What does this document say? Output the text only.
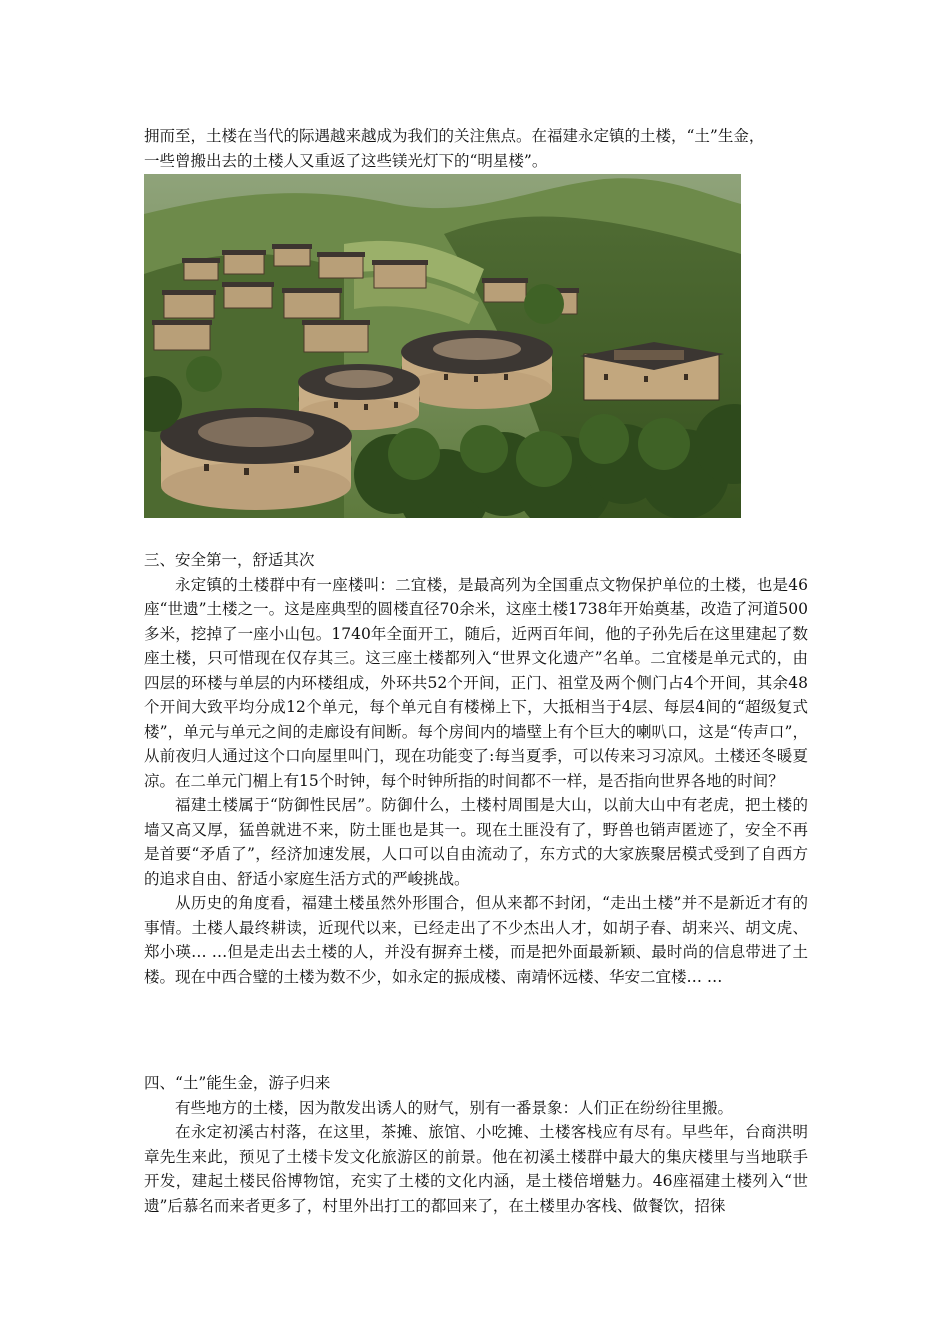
拥而至，土楼在当代的际遇越来越成为我们的关注焦点。在福建永定镇的土楼，“土”生金，

一些曾搬出去的土楼人又重返了这些镁光灯下的“明星楼”。

三、安全第一，舒适其次

永定镇的土楼群中有一座楼叫：二宜楼，是最高列为全国重点文物保护单位的土楼，也是46座“世遗”土楼之一。这是座典型的圆楼直径70余米，这座土楼1738年开始奠基，改造了河道500多米，挖掉了一座小山包。1740年全面开工，随后，近两百年间，他的子孙先后在这里建起了数座土楼，只可惜现在仅存其三。这三座土楼都列入“世界文化遗产”名单。二宜楼是单元式的，由四层的环楼与单层的内环楼组成，外环共52个开间，正门、祖堂及两个侧门占4个开间，其余48个开间大致平均分成12个单元，每个单元自有楼梯上下，大抵相当于4层、每层4间的“超级复式楼”，单元与单元之间的走廊设有间断。每个房间内的墙壁上有个巨大的喇叭口，这是“传声口”，从前夜归人通过这个口向屋里叫门，现在功能变了:每当夏季，可以传来习习凉风。土楼还冬暖夏凉。在二单元门楣上有15个时钟，每个时钟所指的时间都不一样，是否指向世界各地的时间？

福建土楼属于“防御性民居”。防御什么，土楼村周围是大山，以前大山中有老虎，把土楼的墙又高又厚，猛兽就进不来，防土匪也是其一。现在土匪没有了，野兽也销声匿迹了，安全不再是首要“矛盾了”，经济加速发展，人口可以自由流动了，东方式的大家族聚居模式受到了自西方的追求自由、舒适小家庭生活方式的严峻挑战。

从历史的角度看，福建土楼虽然外形围合，但从来都不封闭，“走出土楼”并不是新近才有的事情。土楼人最终耕读，近现代以来，已经走出了不少杰出人才，如胡子春、胡来兴、胡文虎、郑小瑛… …但是走出去土楼的人，并没有摒弃土楼，而是把外面最新颖、最时尚的信息带进了土楼。现在中西合璧的土楼为数不少，如永定的振成楼、南靖怀远楼、华安二宜楼… …

四、“土”能生金，游子归来

有些地方的土楼，因为散发出诱人的财气，别有一番景象：人们正在纷纷往里搬。

在永定初溪古村落，在这里，茶摊、旅馆、小吃摊、土楼客栈应有尽有。早些年，台商洪明章先生来此，预见了土楼卡发文化旅游区的前景。他在初溪土楼群中最大的集庆楼里与当地联手开发，建起土楼民俗博物馆，充实了土楼的文化内涵，是土楼倍增魅力。46座福建土楼列入“世遗”后慕名而来者更多了，村里外出打工的都回来了，在土楼里办客栈、做餐饮，招徕
